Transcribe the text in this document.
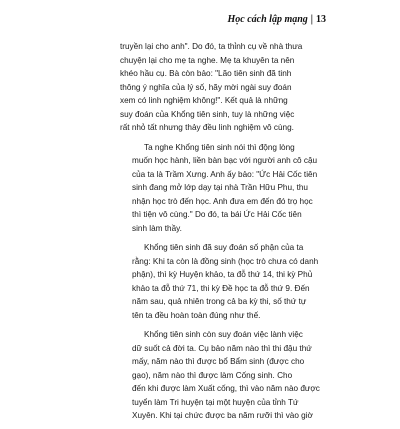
Học cách lập mạng | 13
truyền lại cho anh". Do đó, ta thỉnh cụ về nhà thưa
chuyện lại cho mẹ ta nghe. Mẹ ta khuyên ta nên
khéo hầu cụ. Bà còn bảo: "Lão tiên sinh đã tinh
thông ý nghĩa của lý số, hãy mời ngài suy đoán
xem có linh nghiệm không!". Kết quả là những
suy đoán của Khổng tiên sinh, tuy là những việc
rất nhỏ tất nhưng thảy đều linh nghiệm vô cùng.
Ta nghe Khổng tiên sinh nói thì động lòng
muốn học hành, liền bàn bạc với người anh cô cậu
của ta là Trầm Xưng. Anh ấy bảo: "Ức Hải Cốc tiên
sinh đang mở lớp dạy tại nhà Trần Hữu Phu, thu
nhận học trò đến học. Anh đưa em đến đó trọ học
thì tiện vô cùng." Do đó, ta bái Ức Hải Cốc tiên
sinh làm thầy.
Khổng tiên sinh đã suy đoán số phận của ta
rằng: Khi ta còn là đồng sinh (học trò chưa có danh
phận), thì kỳ Huyện khảo, ta đỗ thứ 14, thi kỳ Phủ
khảo ta đỗ thứ 71, thi kỳ Đề học ta đỗ thứ 9. Đến
năm sau, quả nhiên trong cả ba kỳ thi, số thứ tự
tên ta đều hoàn toàn đúng như thế.
Khổng tiên sinh còn suy đoán việc lành việc
dữ suốt cả đời ta. Cụ bảo năm nào thì thi đậu thứ
mấy, năm nào thì được bổ Bẩm sinh (được cho
gạo), năm nào thì được làm Cống sinh. Cho
đến khi được làm Xuất cống, thì vào năm nào được
tuyển làm Tri huyện tại một huyện của tỉnh Tứ
Xuyên. Khi tại chức được ba năm rưỡi thì vào giờ
